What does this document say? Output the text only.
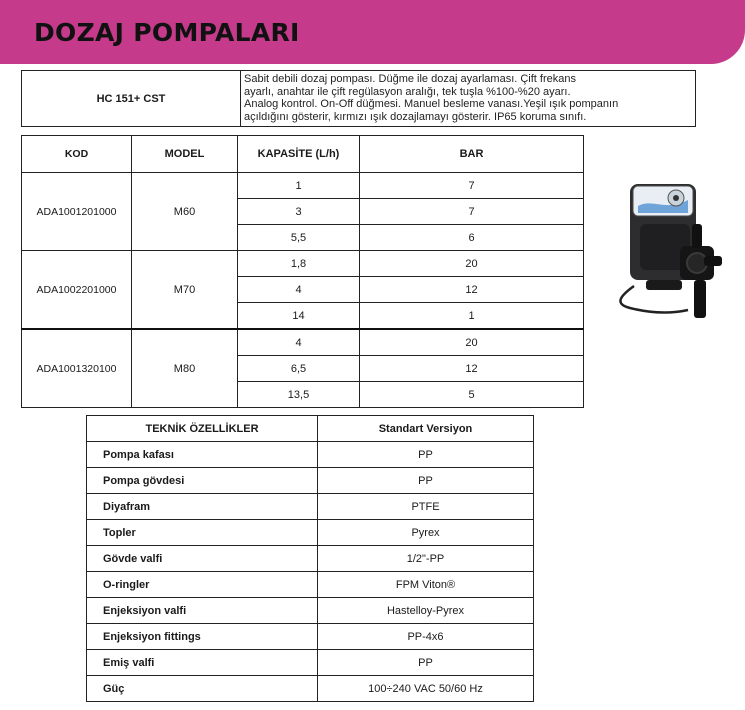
DOZAJ POMPALARI
HC 151+ CST	
Sabit debili dozaj pompası. Düğme ile dozaj ayarlaması. Çift frekans
ayarlı, anahtar ile çift regülasyon aralığı, tek tuşla %100-%20 ayarı.
Analog kontrol. On-Off düğmesi. Manuel besleme vanası.Yeşil ışık pompanın
açıldığını gösterir, kırmızı ışık dozajlamayı gösterir. IP65 koruma sınıfı.
KOD	MODEL	KAPASİTE (L/h)	BAR
ADA1001201000	M60	1	7
		3	7
		5,5	6
ADA1002201000	M70	1,8	20
		4	12
		14	1
ADA1001320100	M80	4	20
		6,5	12
		13,5	5
TEKNİK ÖZELLİKLER	Standart Versiyon
Pompa kafası	PP
Pompa gövdesi	PP
Diyafram	PTFE
Topler	Pyrex
Gövde valfi	1/2"-PP
O-ringler	FPM Viton®
Enjeksiyon valfi	Hastelloy-Pyrex
Enjeksiyon fittings	PP-4x6
Emiş valfi	PP
Güç	100÷240 VAC 50/60 Hz
